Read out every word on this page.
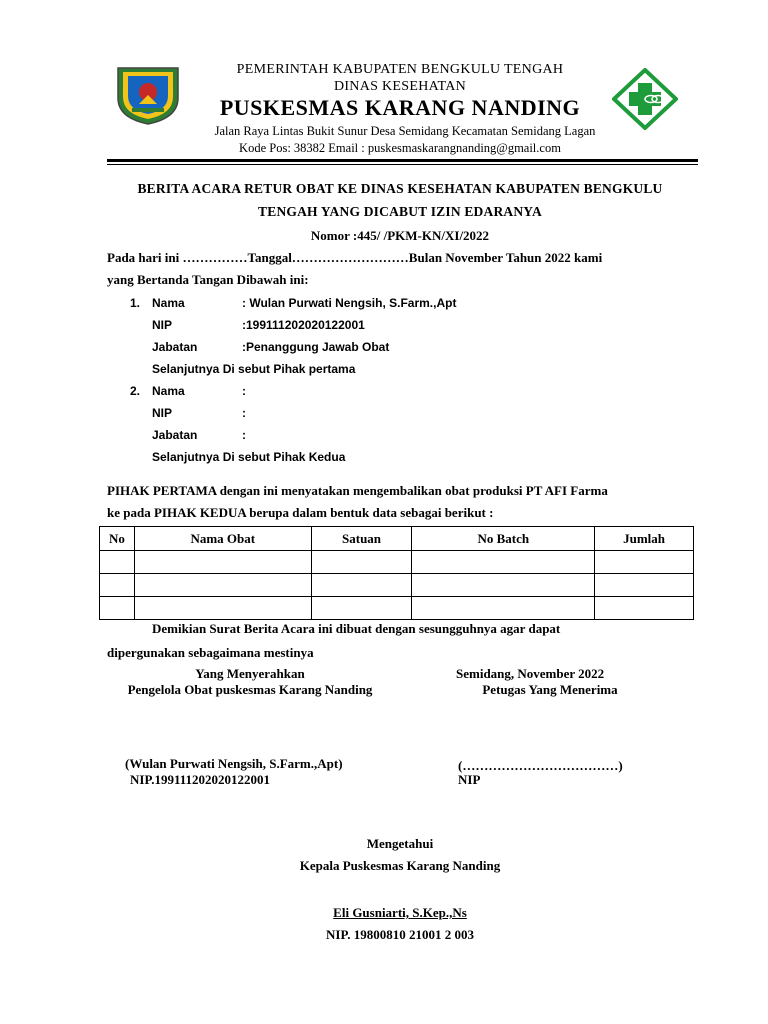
PEMERINTAH KABUPATEN BENGKULU TENGAH
DINAS KESEHATAN
PUSKESMAS KARANG NANDING
Jalan Raya Lintas Bukit Sunur Desa Semidang Kecamatan Semidang Lagan
Kode Pos: 38382 Email : puskesmaskarangnanding@gmail.com
BERITA ACARA RETUR OBAT KE DINAS KESEHATAN KABUPATEN BENGKULU
TENGAH YANG DICABUT IZIN EDARANYA
Nomor :445/ /PKM-KN/XI/2022
Pada hari ini ……………Tanggal………………………Bulan November Tahun 2022 kami
yang Bertanda Tangan Dibawah ini:
1. Nama	: Wulan Purwati Nengsih, S.Farm.,Apt
NIP	:199111202020122001
Jabatan	:Penanggung Jawab Obat
Selanjutnya Di sebut Pihak pertama
2. Nama	:
NIP	:
Jabatan	:
Selanjutnya Di sebut Pihak Kedua
PIHAK PERTAMA dengan ini menyatakan mengembalikan obat produksi PT AFI Farma
ke pada PIHAK KEDUA berupa dalam bentuk data sebagai berikut :
No	Nama Obat	Satuan	No Batch	Jumlah

Demikian Surat Berita Acara ini dibuat dengan sesungguhnya agar dapat
dipergunakan sebagaimana mestinya
Yang Menyerahkan
Pengelola Obat puskesmas Karang Nanding
Semidang, November 2022
Petugas Yang Menerima
(Wulan Purwati Nengsih, S.Farm.,Apt)
NIP.199111202020122001
(………………………………)
NIP
Mengetahui
Kepala Puskesmas Karang Nanding
Eli Gusniarti, S.Kep.,Ns
NIP. 19800810 21001 2 003
